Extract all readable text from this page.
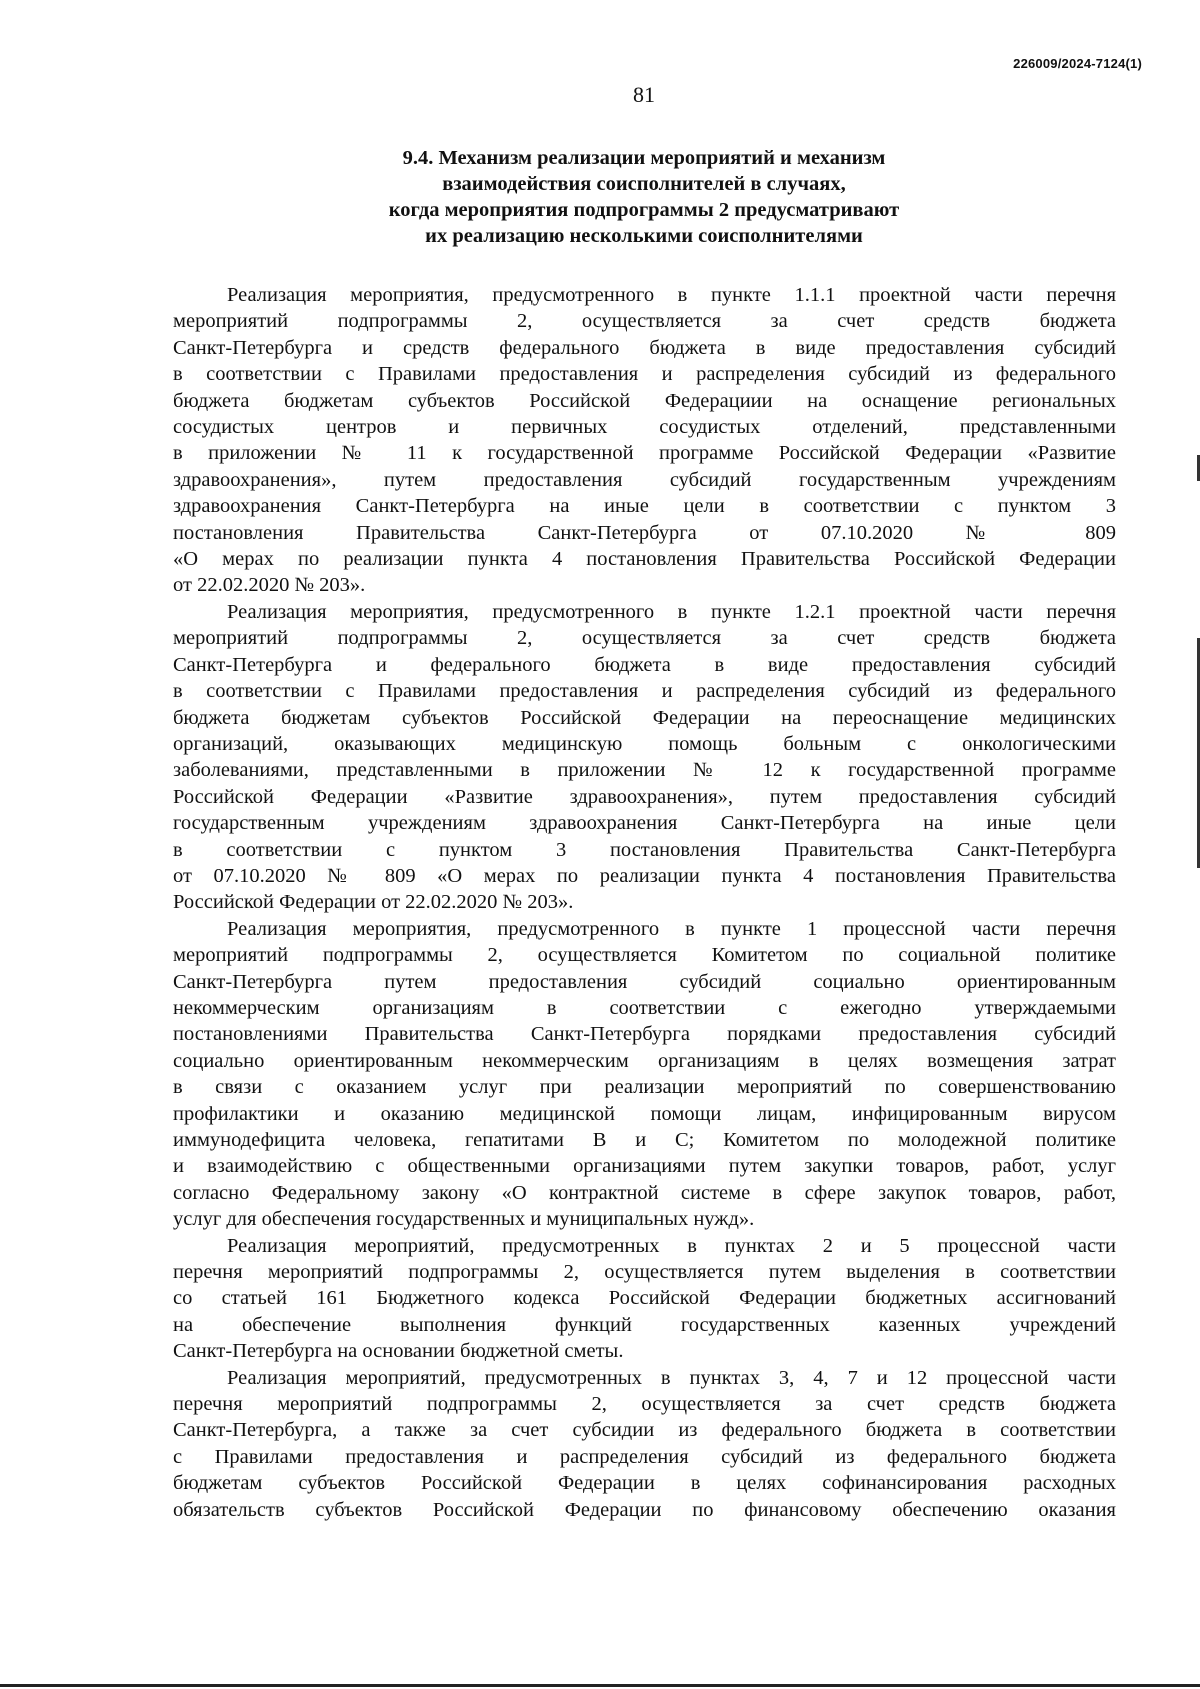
226009/2024-7124(1)
81
9.4. Механизм реализации мероприятий и механизм
взаимодействия соисполнителей в случаях,
когда мероприятия подпрограммы 2 предусматривают
их реализацию несколькими соисполнителями
Реализация мероприятия, предусмотренного в пункте 1.1.1 проектной части перечня
мероприятий подпрограммы 2, осуществляется за счет средств бюджета
Санкт-Петербурга и средств федерального бюджета в виде предоставления субсидий
в соответствии с Правилами предоставления и распределения субсидий из федерального
бюджета бюджетам субъектов Российской Федерациии на оснащение региональных
сосудистых центров и первичных сосудистых отделений, представленными
в приложении № 11 к государственной программе Российской Федерации «Развитие
здравоохранения», путем предоставления субсидий государственным учреждениям
здравоохранения Санкт-Петербурга на иные цели в соответствии с пунктом 3
постановления Правительства Санкт-Петербурга от 07.10.2020 № 809
«О мерах по реализации пункта 4 постановления Правительства Российской Федерации
от 22.02.2020 № 203».
Реализация мероприятия, предусмотренного в пункте 1.2.1 проектной части перечня
мероприятий подпрограммы 2, осуществляется за счет средств бюджета
Санкт-Петербурга и федерального бюджета в виде предоставления субсидий
в соответствии с Правилами предоставления и распределения субсидий из федерального
бюджета бюджетам субъектов Российской Федерации на переоснащение медицинских
организаций, оказывающих медицинскую помощь больным с онкологическими
заболеваниями, представленными в приложении № 12 к государственной программе
Российской Федерации «Развитие здравоохранения», путем предоставления субсидий
государственным учреждениям здравоохранения Санкт-Петербурга на иные цели
в соответствии с пунктом 3 постановления Правительства Санкт-Петербурга
от 07.10.2020 № 809 «О мерах по реализации пункта 4 постановления Правительства
Российской Федерации от 22.02.2020 № 203».
Реализация мероприятия, предусмотренного в пункте 1 процессной части перечня
мероприятий подпрограммы 2, осуществляется Комитетом по социальной политике
Санкт-Петербурга путем предоставления субсидий социально ориентированным
некоммерческим организациям в соответствии с ежегодно утверждаемыми
постановлениями Правительства Санкт-Петербурга порядками предоставления субсидий
социально ориентированным некоммерческим организациям в целях возмещения затрат
в связи с оказанием услуг при реализации мероприятий по совершенствованию
профилактики и оказанию медицинской помощи лицам, инфицированным вирусом
иммунодефицита человека, гепатитами В и С; Комитетом по молодежной политике
и взаимодействию с общественными организациями путем закупки товаров, работ, услуг
согласно Федеральному закону «О контрактной системе в сфере закупок товаров, работ,
услуг для обеспечения государственных и муниципальных нужд».
Реализация мероприятий, предусмотренных в пунктах 2 и 5 процессной части
перечня мероприятий подпрограммы 2, осуществляется путем выделения в соответствии
со статьей 161 Бюджетного кодекса Российской Федерации бюджетных ассигнований
на обеспечение выполнения функций государственных казенных учреждений
Санкт-Петербурга на основании бюджетной сметы.
Реализация мероприятий, предусмотренных в пунктах 3, 4, 7 и 12 процессной части
перечня мероприятий подпрограммы 2, осуществляется за счет средств бюджета
Санкт-Петербурга, а также за счет субсидии из федерального бюджета в соответствии
с Правилами предоставления и распределения субсидий из федерального бюджета
бюджетам субъектов Российской Федерации в целях софинансирования расходных
обязательств субъектов Российской Федерации по финансовому обеспечению оказания
